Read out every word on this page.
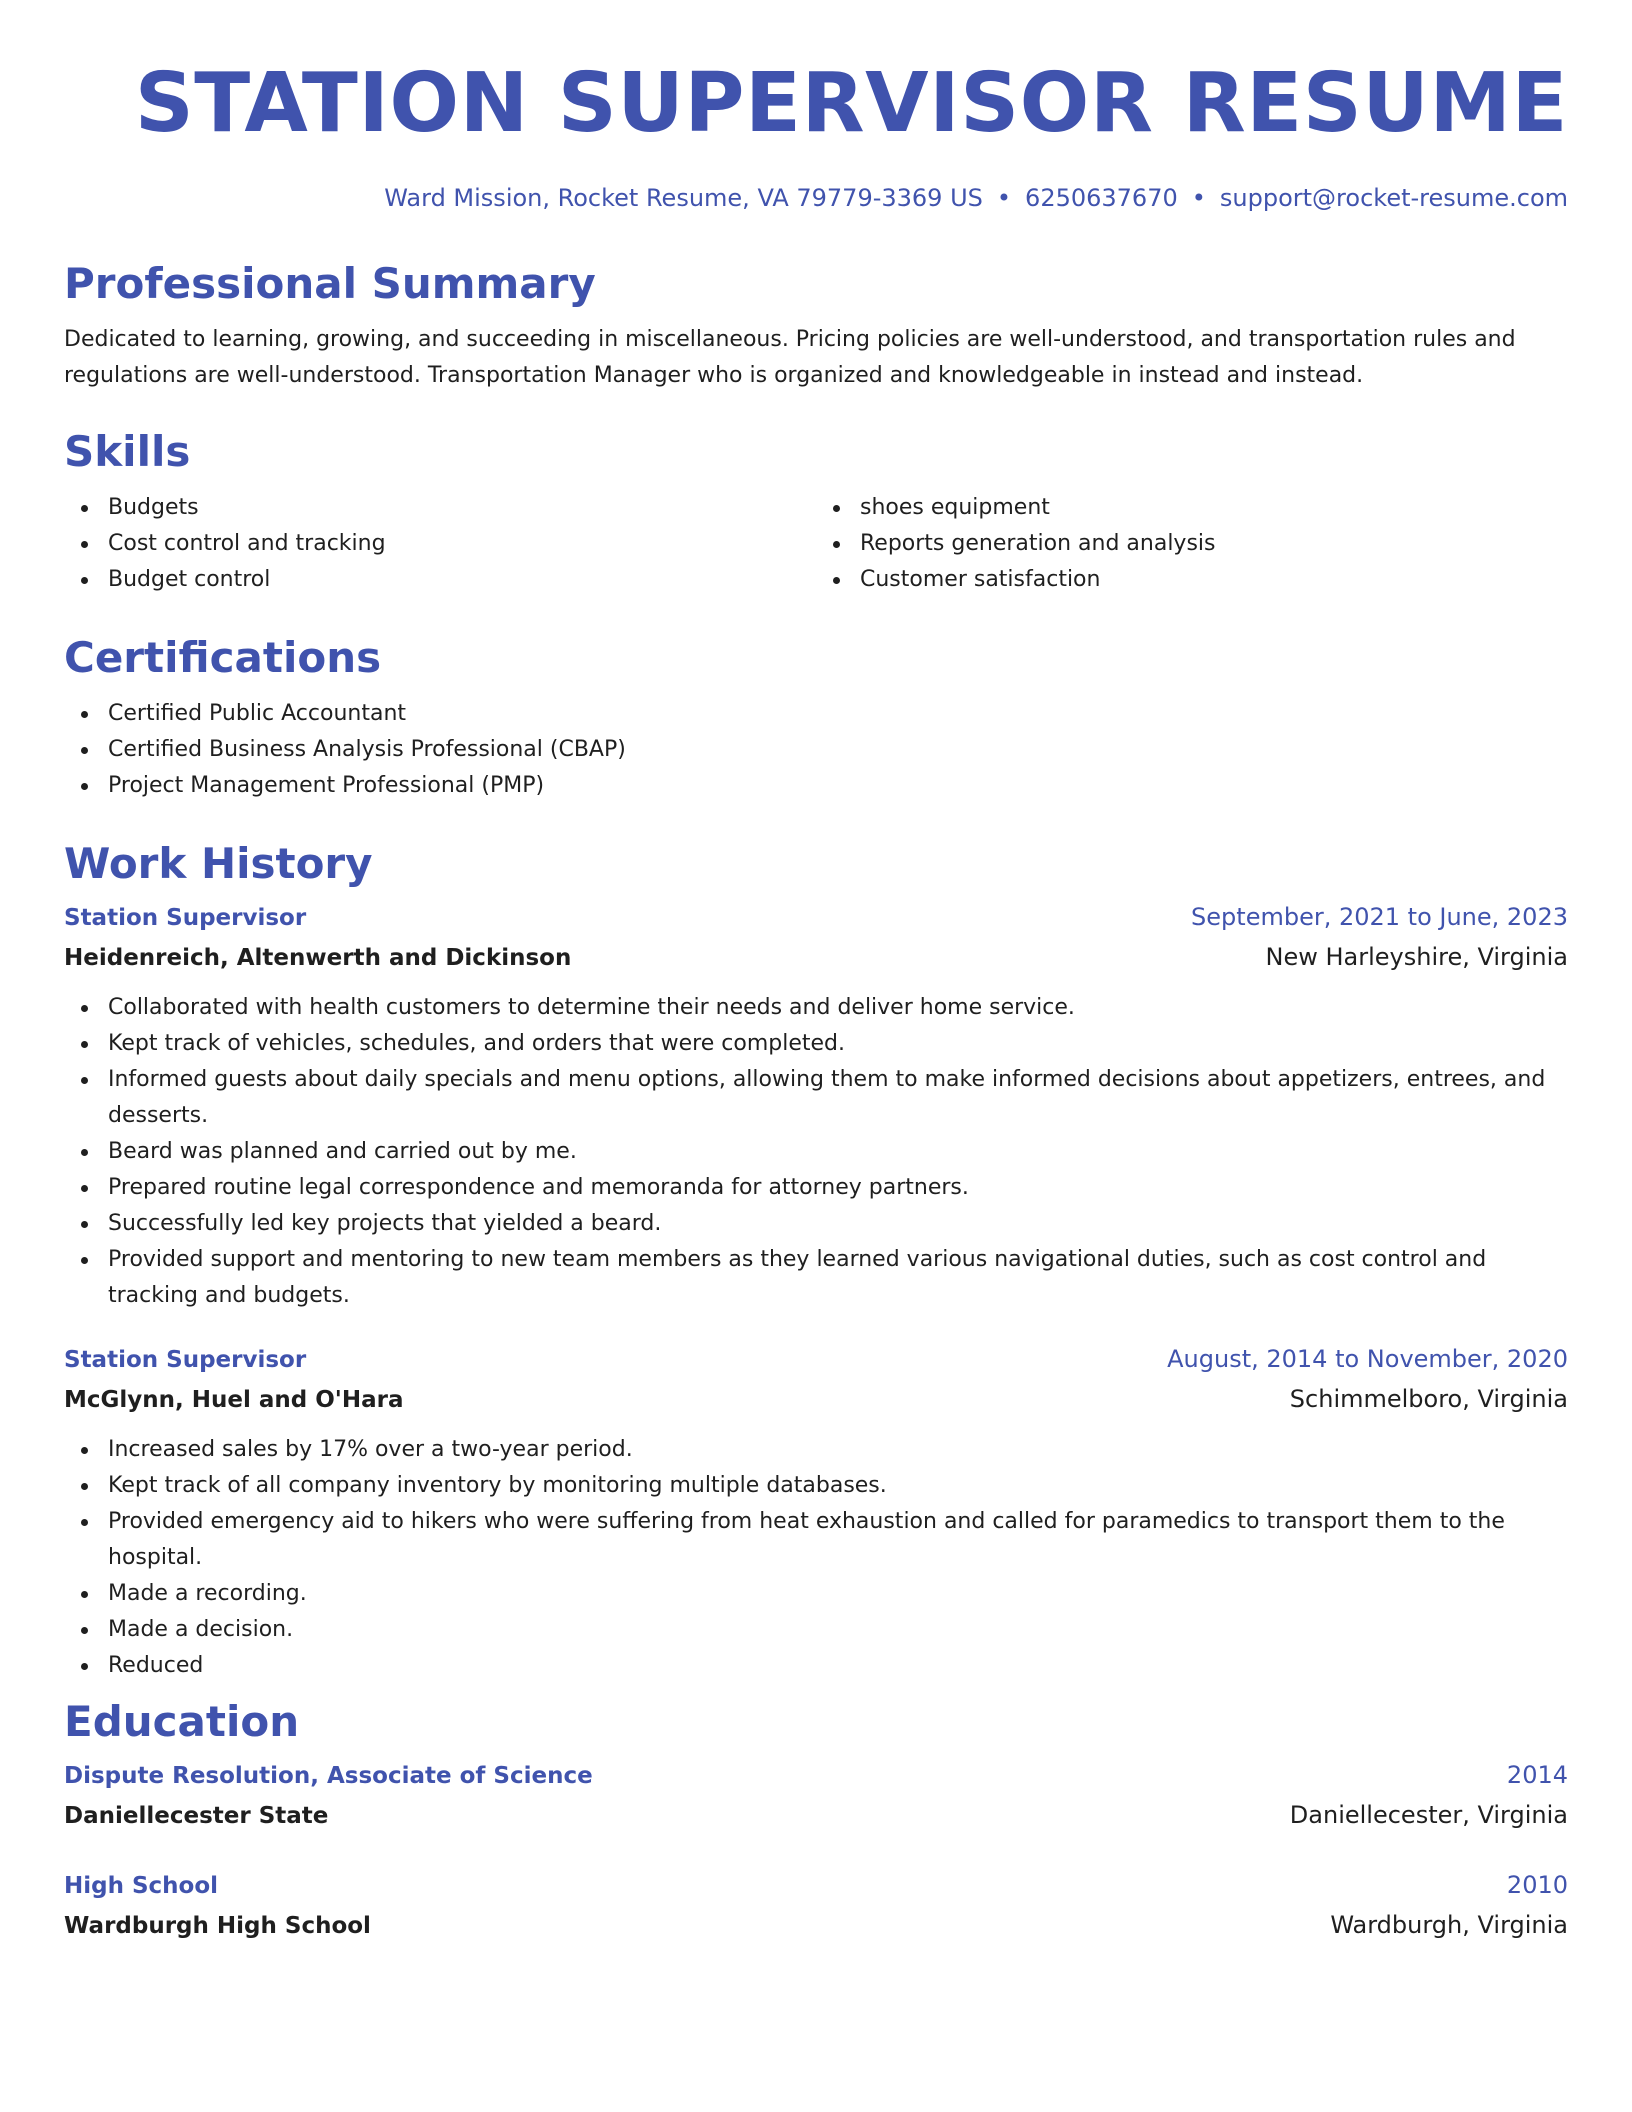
STATION SUPERVISOR RESUME
Ward Mission, Rocket Resume, VA 79779-3369 US • 6250637670 • support@rocket-resume.com
Professional Summary

Dedicated to learning, growing, and succeeding in miscellaneous. Pricing policies are well-understood, and transportation rules and regulations are well-understood. Transportation Manager who is organized and knowledgeable in instead and instead.

Skills
Budgets
Cost control and tracking
Budget control
shoes equipment
Reports generation and analysis
Customer satisfaction
Certifications
Certified Public Accountant
Certified Business Analysis Professional (CBAP)
Project Management Professional (PMP)
Work History
Station Supervisor	September, 2021 to June, 2023
Heidenreich, Altenwerth and Dickinson	New Harleyshire, Virginia
Collaborated with health customers to determine their needs and deliver home service.
Kept track of vehicles, schedules, and orders that were completed.
Informed guests about daily specials and menu options, allowing them to make informed decisions about appetizers, entrees, and desserts.
Beard was planned and carried out by me.
Prepared routine legal correspondence and memoranda for attorney partners.
Successfully led key projects that yielded a beard.
Provided support and mentoring to new team members as they learned various navigational duties, such as cost control and tracking and budgets.
Station Supervisor	August, 2014 to November, 2020
McGlynn, Huel and O'Hara	Schimmelboro, Virginia
Increased sales by 17% over a two-year period.
Kept track of all company inventory by monitoring multiple databases.
Provided emergency aid to hikers who were suffering from heat exhaustion and called for paramedics to transport them to the hospital.
Made a recording.
Made a decision.
Reduced
Education
Dispute Resolution, Associate of Science	2014
Daniellecester State	Daniellecester, Virginia
High School	2010
Wardburgh High School	Wardburgh, Virginia
